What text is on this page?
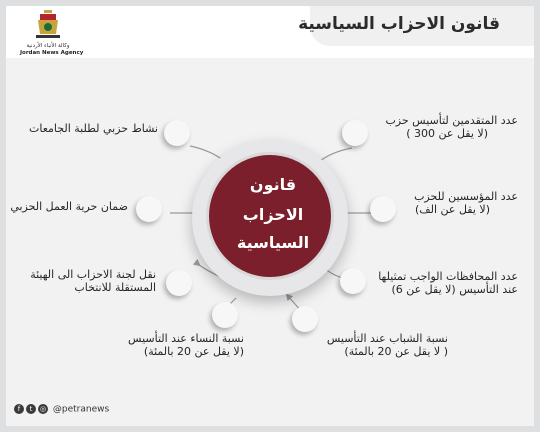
وكالة الأنباء الأردنية
Jordan News Agency
قانون الاحزاب السياسية
قانون
الاحزاب
السياسية
عدد المتقدمين لتأسيس حزب
(لا يقل عن 300 )
عدد المؤسسين للحزب
(لا يقل عن الف)
عدد المحافظات الواجب تمثيلها
عند التأسيس (لا يقل عن 6)
نسبة الشباب عند التأسيس
( لا يقل عن 20 بالمئة)
نسبة النساء عند التأسيس
(لا يقل عن 20 بالمئة)
نشاط حزبي لطلبة الجامعات
ضمان حرية العمل الحزبي
نقل لجنة الاحزاب الى الهيئة
المستقلة للانتخاب
f t ◎ @petranews
